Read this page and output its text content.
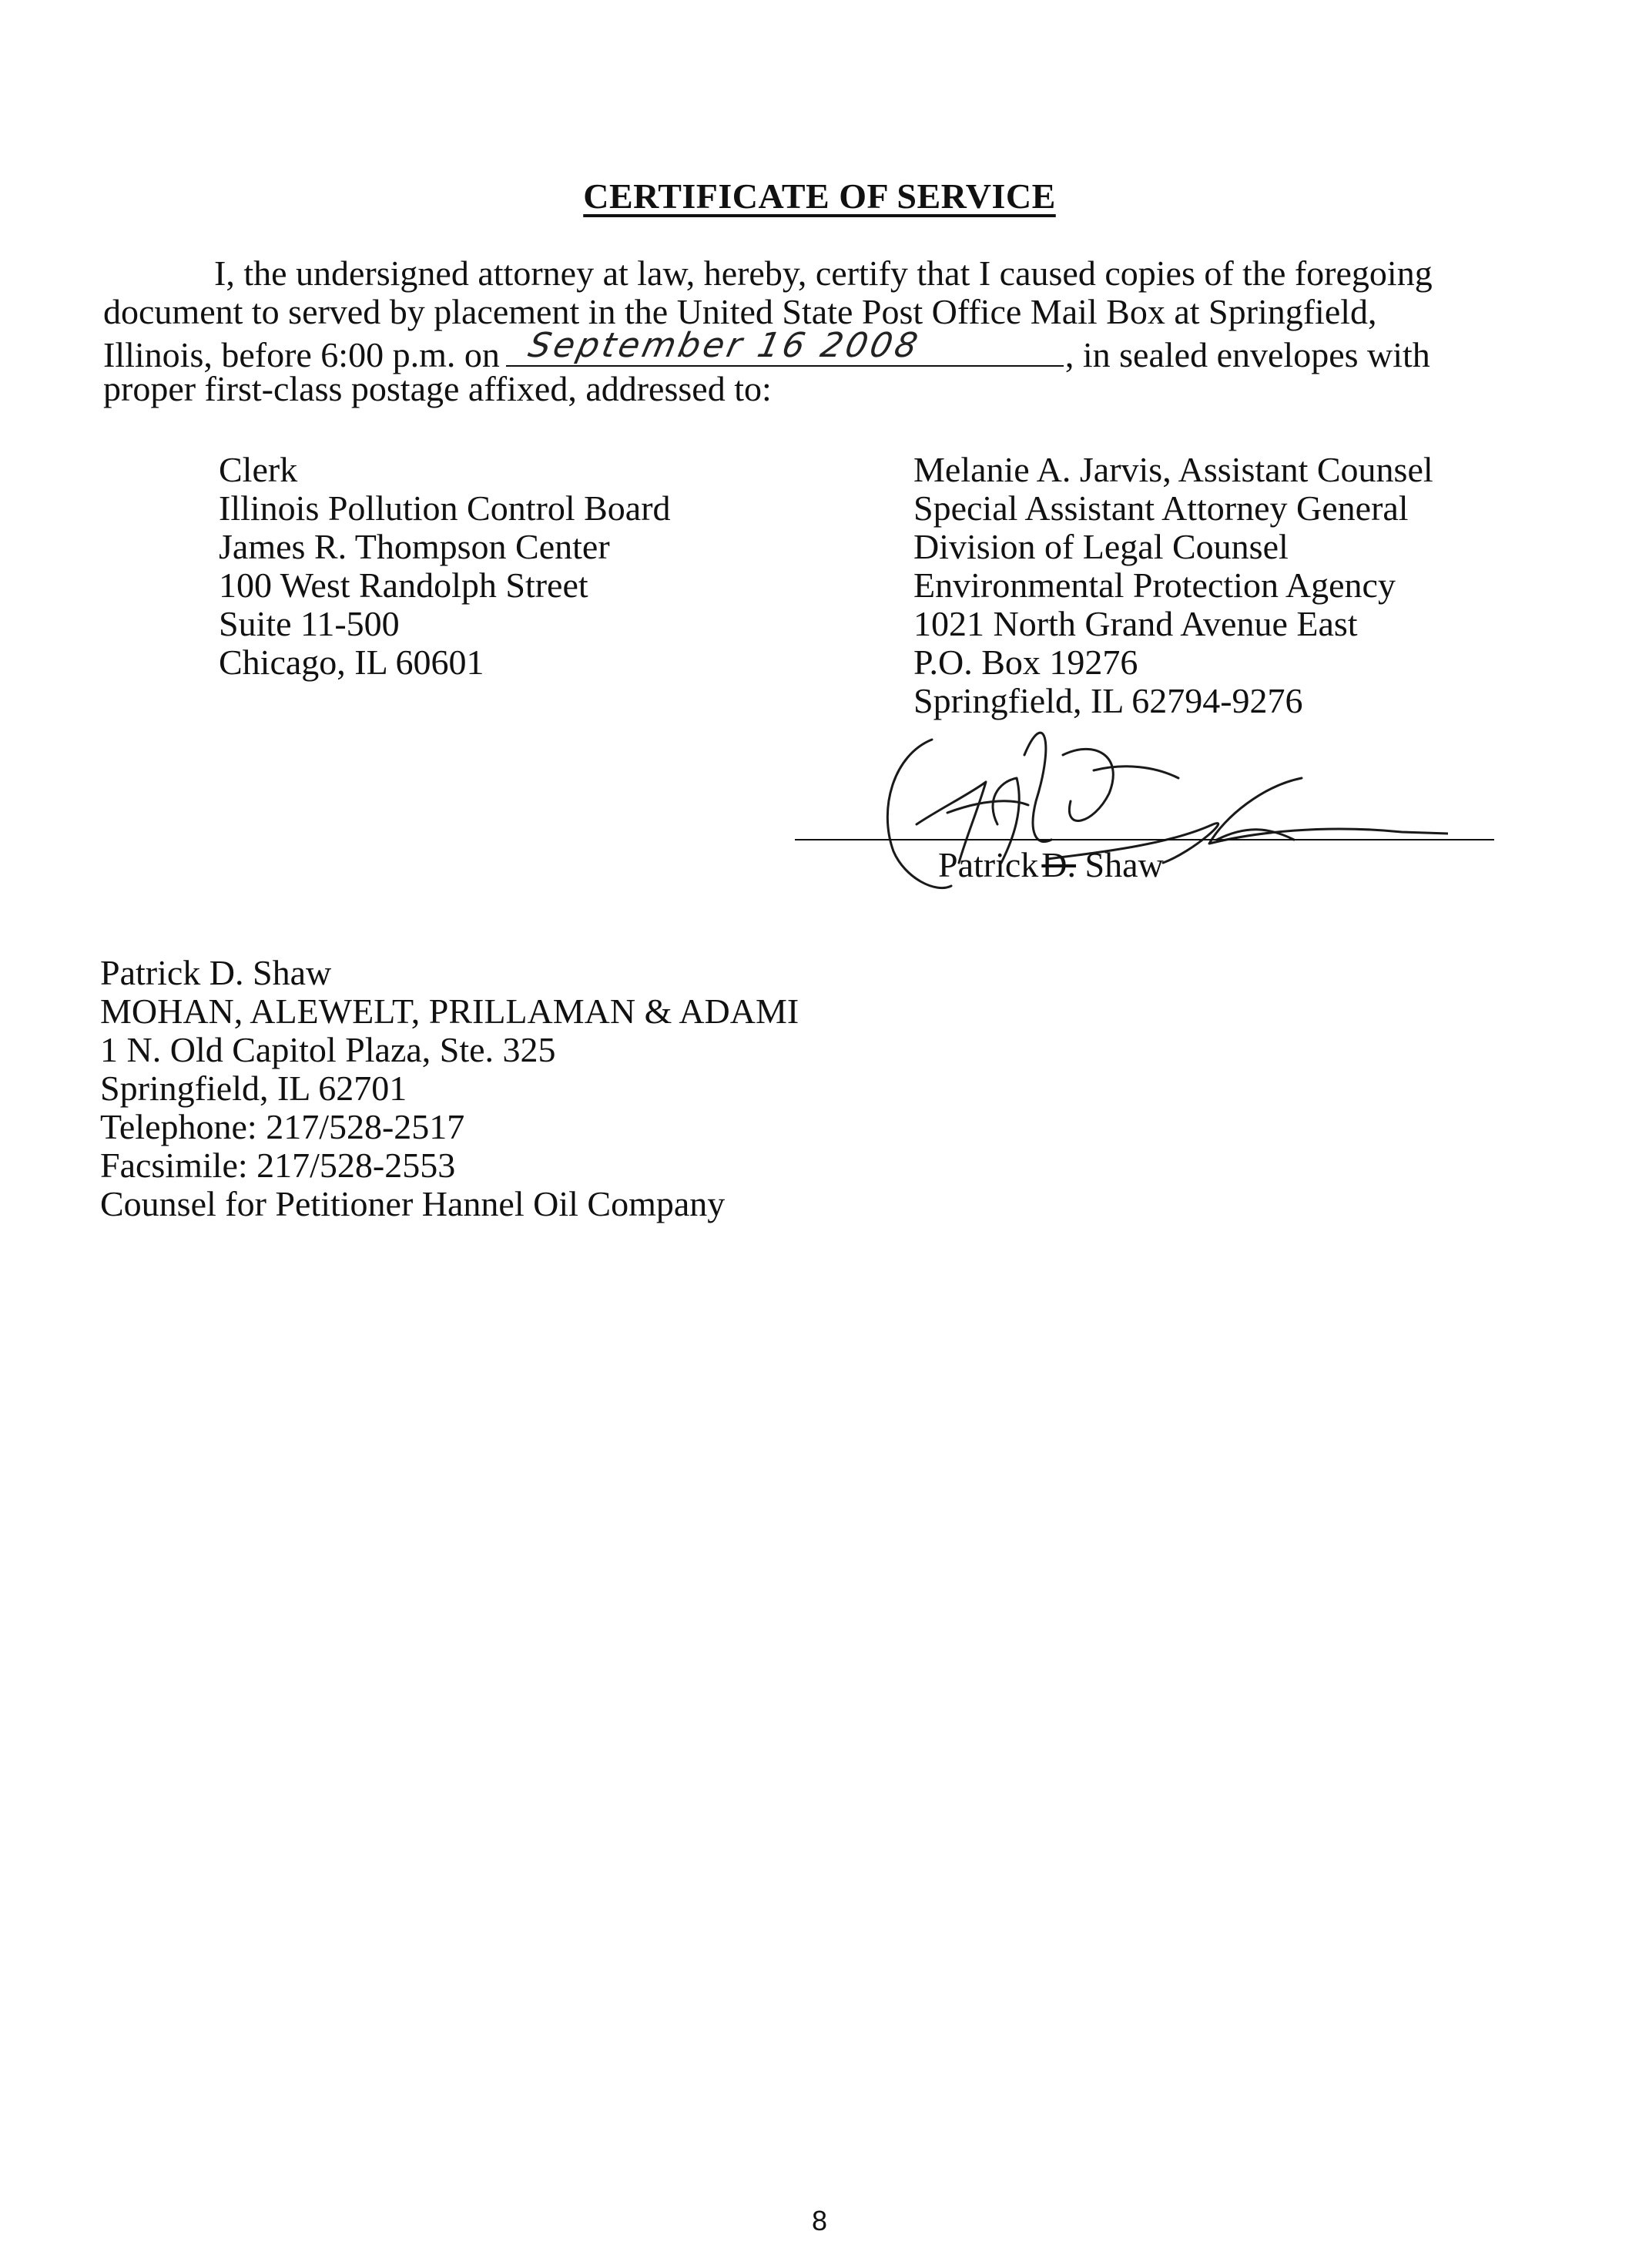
CERTIFICATE OF SERVICE
I, the undersigned attorney at law, hereby, certify that I caused copies of the foregoing
document to served by placement in the United State Post Office Mail Box at Springfield,
Illinois, before 6:00 p.m. on September 16 2008	, in sealed envelopes with
proper first-class postage affixed, addressed to:
Clerk
Illinois Pollution Control Board
James R. Thompson Center
100 West Randolph Street
Suite 11-500
Chicago, IL 60601
Melanie A. Jarvis, Assistant Counsel
Special Assistant Attorney General
Division of Legal Counsel
Environmental Protection Agency
1021 North Grand Avenue East
P.O. Box 19276
Springfield, IL 62794-9276
PatrickD. Shaw
Patrick D. Shaw
MOHAN, ALEWELT, PRILLAMAN & ADAMI
1 N. Old Capitol Plaza, Ste. 325
Springfield, IL 62701
Telephone: 217/528-2517
Facsimile: 217/528-2553
Counsel for Petitioner Hannel Oil Company
8
